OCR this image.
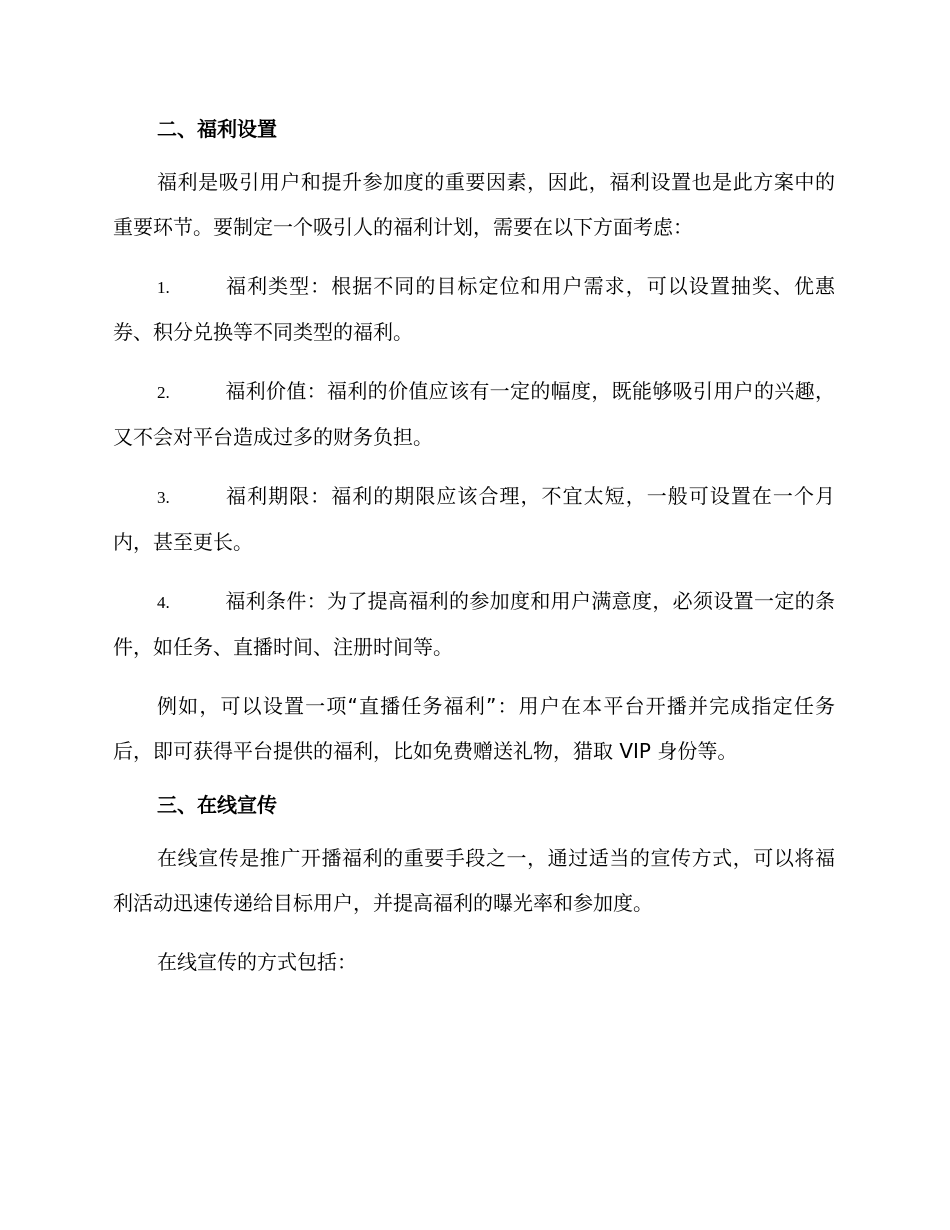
二、福利设置

福利是吸引用户和提升参加度的重要因素，因此，福利设置也是此方案中的重要环节。要制定一个吸引人的福利计划，需要在以下方面考虑：

1.	福利类型：根据不同的目标定位和用户需求，可以设置抽奖、优惠券、积分兑换等不同类型的福利。

2.	福利价值：福利的价值应该有一定的幅度，既能够吸引用户的兴趣，又不会对平台造成过多的财务负担。

3.	福利期限：福利的期限应该合理，不宜太短，一般可设置在一个月内，甚至更长。

4.	福利条件：为了提高福利的参加度和用户满意度，必须设置一定的条件，如任务、直播时间、注册时间等。

例如，可以设置一项“直播任务福利”：用户在本平台开播并完成指定任务后，即可获得平台提供的福利，比如免费赠送礼物，猎取 VIP 身份等。

三、在线宣传

在线宣传是推广开播福利的重要手段之一，通过适当的宣传方式，可以将福利活动迅速传递给目标用户，并提高福利的曝光率和参加度。

在线宣传的方式包括：
